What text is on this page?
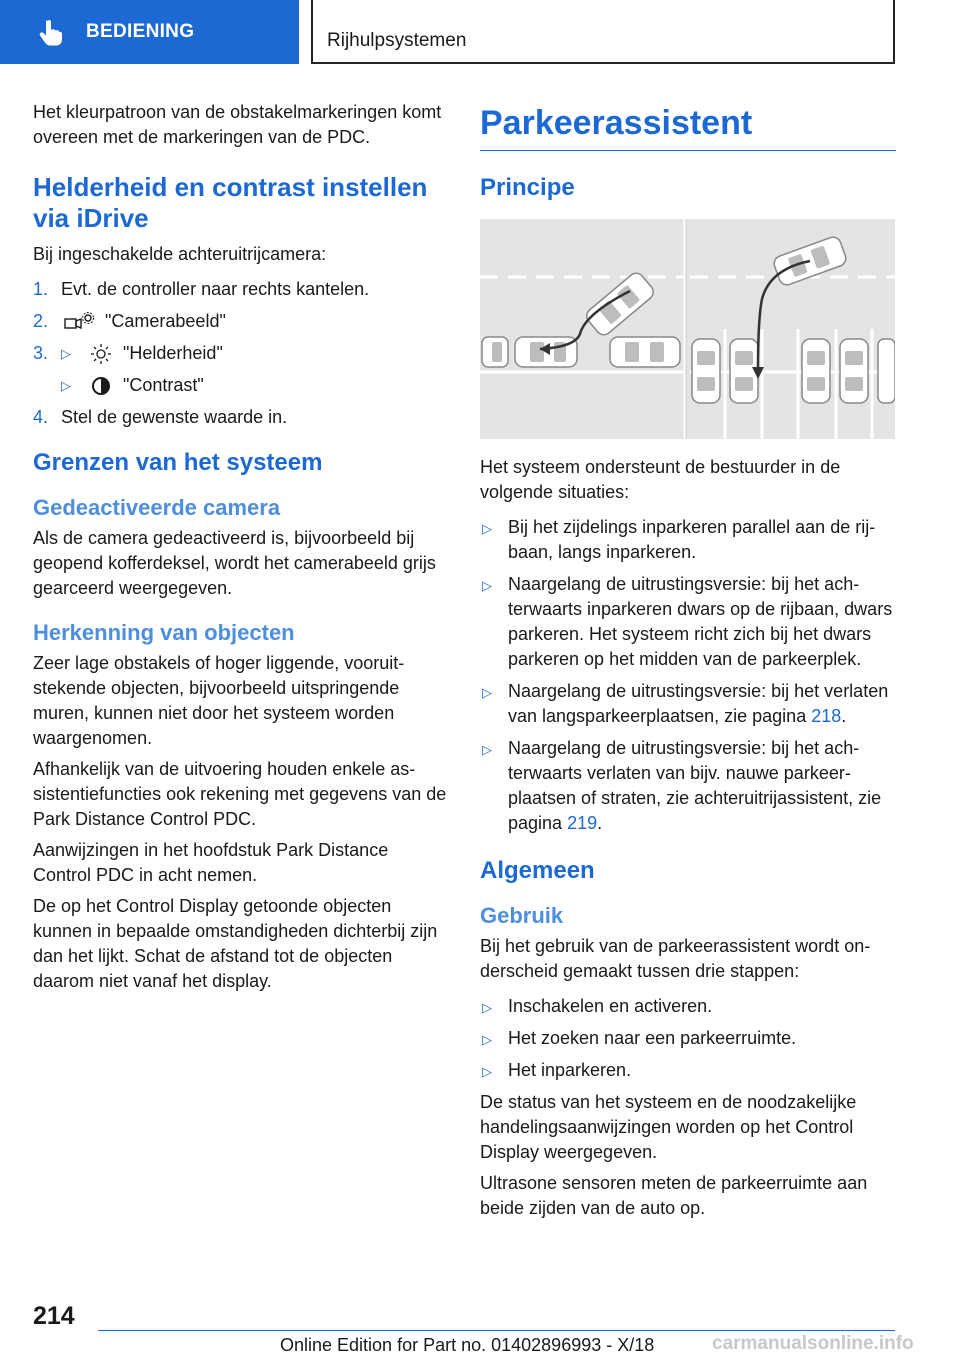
BEDIENING	Rijhulpsystemen

Het kleurpatroon van de obstakelmarkeringen komt overeen met de markeringen van de PDC.

Helderheid en contrast instellen via iDrive

Bij ingeschakelde achteruitrijcamera:

1. Evt. de controller naar rechts kantelen.
2.	"Camerabeeld"
3. ▷	"Helderheid"
▷	"Contrast"
4. Stel de gewenste waarde in.
Grenzen van het systeem
Gedeactiveerde camera

Als de camera gedeactiveerd is, bijvoorbeeld bij geopend kofferdeksel, wordt het camerabeeld grijs gearceerd weergegeven.

Herkenning van objecten

Zeer lage obstakels of hoger liggende, vooruitstekende objecten, bijvoorbeeld uitspringende muren, kunnen niet door het systeem worden waargenomen.

Afhankelijk van de uitvoering houden enkele assistentiefuncties ook rekening met gegevens van de Park Distance Control PDC.

Aanwijzingen in het hoofdstuk Park Distance Control PDC in acht nemen.

De op het Control Display getoonde objecten kunnen in bepaalde omstandigheden dichterbij zijn dan het lijkt. Schat de afstand tot de objecten daarom niet vanaf het display.

Parkeerassistent
Principe

Het systeem ondersteunt de bestuurder in de volgende situaties:

▷ Bij het zijdelings inparkeren parallel aan de rijbaan, langs inparkeren.
▷ Naargelang de uitrustingsversie: bij het achterwaarts inparkeren dwars op de rijbaan, dwars parkeren. Het systeem richt zich bij het dwars parkeren op het midden van de parkeerplek.
▷ Naargelang de uitrustingsversie: bij het verlaten van langsparkeerplaatsen, zie pagina 218.
▷ Naargelang de uitrustingsversie: bij het achterwaarts verlaten van bijv. nauwe parkeerplaatsen of straten, zie achteruitrijassistent, zie pagina 219.
Algemeen
Gebruik

Bij het gebruik van de parkeerassistent wordt onderscheid gemaakt tussen drie stappen:

▷ Inschakelen en activeren.
▷ Het zoeken naar een parkeerruimte.
▷ Het inparkeren.

De status van het systeem en de noodzakelijke handelingsaanwijzingen worden op het Control Display weergegeven.

Ultrasone sensoren meten de parkeerruimte aan beide zijden van de auto op.

214
Online Edition for Part no. 01402896993 - X/18	carmanualsonline.info
